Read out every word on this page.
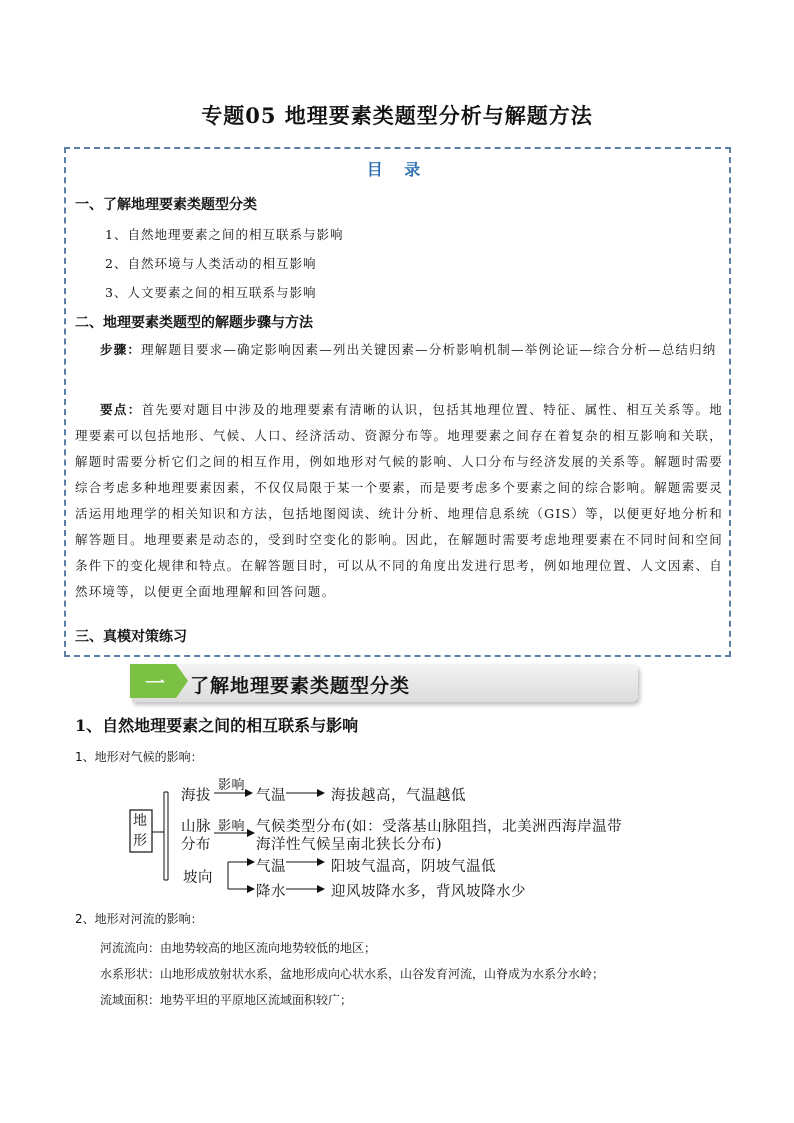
专题05 地理要素类题型分析与解题方法
目 录
一、了解地理要素类题型分类
1、自然地理要素之间的相互联系与影响
2、自然环境与人类活动的相互影响
3、人文要素之间的相互联系与影响
二、地理要素类题型的解题步骤与方法
步骤：理解题目要求—确定影响因素—列出关键因素—分析影响机制—举例论证—综合分析—总结归纳
要点：首先要对题目中涉及的地理要素有清晰的认识，包括其地理位置、特征、属性、相互关系等。地理要素可以包括地形、气候、人口、经济活动、资源分布等。地理要素之间存在着复杂的相互影响和关联，解题时需要分析它们之间的相互作用，例如地形对气候的影响、人口分布与经济发展的关系等。解题时需要综合考虑多种地理要素因素，不仅仅局限于某一个要素，而是要考虑多个要素之间的综合影响。解题需要灵活运用地理学的相关知识和方法，包括地图阅读、统计分析、地理信息系统（GIS）等，以便更好地分析和解答题目。地理要素是动态的，受到时空变化的影响。因此，在解题时需要考虑地理要素在不同时间和空间条件下的变化规律和特点。在解答题目时，可以从不同的角度出发进行思考，例如地理位置、人文因素、自然环境等，以便更全面地理解和回答问题。
三、真模对策练习
一 了解地理要素类题型分类
1、自然地理要素之间的相互联系与影响
1、地形对气候的影响：
地形
海拔
影响
气温	海拔越高，气温越低
山脉
分布
影响 气候类型分布(如：受落基山脉阻挡，北美洲西海岸温带
海洋性气候呈南北狭长分布)
坡向
气温	阳坡气温高，阴坡气温低
降水	迎风坡降水多，背风坡降水少
2、地形对河流的影响：
河流流向：由地势较高的地区流向地势较低的地区；
水系形状：山地形成放射状水系，盆地形成向心状水系，山谷发育河流，山脊成为水系分水岭；
流域面积：地势平坦的平原地区流域面积较广；
